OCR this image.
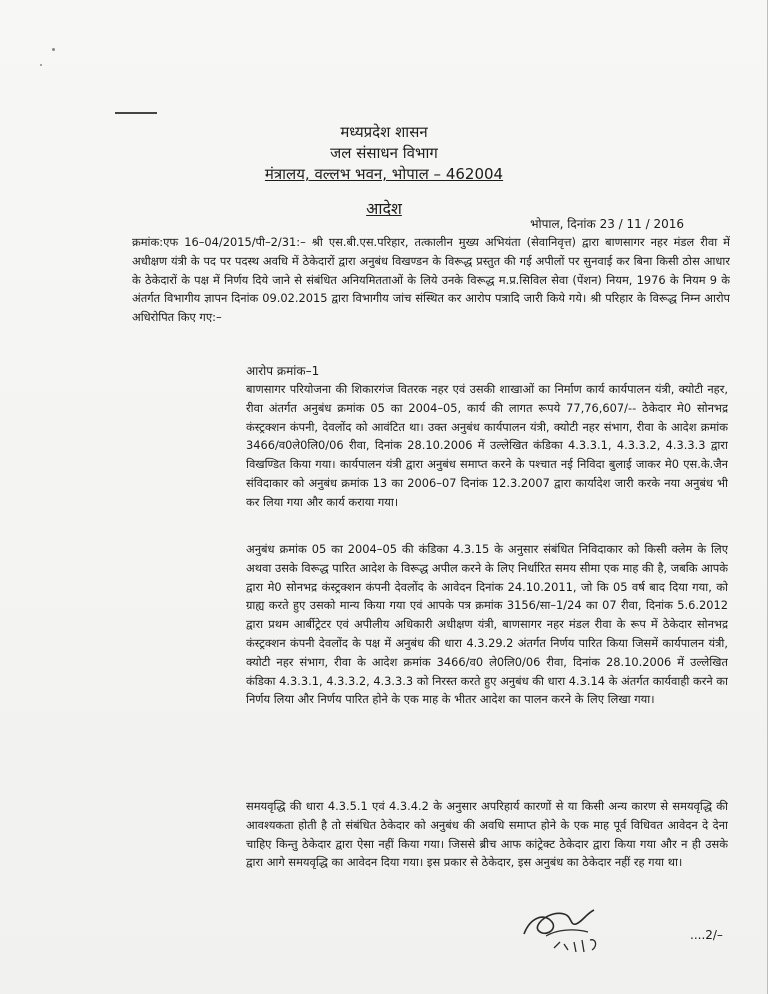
मध्यप्रदेश शासन
जल संसाधन विभाग
मंत्रालय, वल्लभ भवन, भोपाल – 462004
आदेश
भोपाल, दिनांक 23 / 11 / 2016
क्रमांक:एफ 16–04/2015/पी–2/31:– श्री एस.बी.एस.परिहार, तत्कालीन मुख्य अभियंता (सेवानिवृत्त) द्वारा बाणसागर नहर मंडल रीवा में अधीक्षण यंत्री के पद पर पदस्थ अवधि में ठेकेदारों द्वारा अनुबंध विखण्डन के विरूद्ध प्रस्तुत की गई अपीलों पर सुनवाई कर बिना किसी ठोस आधार के ठेकेदारों के पक्ष में निर्णय दिये जाने से संबंधित अनियमितताओं के लिये उनके विरूद्ध म.प्र.सिविल सेवा (पेंशन) नियम, 1976 के नियम 9 के अंतर्गत विभागीय ज्ञापन दिनांक 09.02.2015 द्वारा विभागीय जांच संस्थित कर आरोप पत्रादि जारी किये गये। श्री परिहार के विरूद्ध निम्न आरोप अधिरोपित किए गए:–
आरोप क्रमांक–1
बाणसागर परियोजना की शिकारगंज वितरक नहर एवं उसकी शाखाओं का निर्माण कार्य कार्यपालन यंत्री, क्योटी नहर, रीवा अंतर्गत अनुबंध क्रमांक 05 का 2004–05, कार्य की लागत रूपये 77,76,607/-- ठेकेदार मे0 सोनभद्र कंस्ट्रक्शन कंपनी, देवलोंद को आवंटित था। उक्त अनुबंध कार्यपालन यंत्री, क्योटी नहर संभाग, रीवा के आदेश क्रमांक 3466/व0ले0लि0/06 रीवा, दिनांक 28.10.2006 में उल्लेखित कंडिका 4.3.3.1, 4.3.3.2, 4.3.3.3 द्वारा विखण्डित किया गया। कार्यपालन यंत्री द्वारा अनुबंध समाप्त करने के पश्चात नई निविदा बुलाई जाकर मे0 एस.के.जैन संविदाकार को अनुबंध क्रमांक 13 का 2006–07 दिनांक 12.3.2007 द्वारा कार्यादेश जारी करके नया अनुबंध भी कर लिया गया और कार्य कराया गया।
अनुबंध क्रमांक 05 का 2004–05 की कंडिका 4.3.15 के अनुसार संबंधित निविदाकार को किसी क्लेम के लिए अथवा उसके विरूद्ध पारित आदेश के विरूद्ध अपील करने के लिए निर्धारित समय सीमा एक माह की है, जबकि आपके द्वारा मे0 सोनभद्र कंस्ट्रक्शन कंपनी देवलोंद के आवेदन दिनांक 24.10.2011, जो कि 05 वर्ष बाद दिया गया, को ग्राह्य करते हुए उसको मान्य किया गया एवं आपके पत्र क्रमांक 3156/सा–1/24 का 07 रीवा, दिनांक 5.6.2012 द्वारा प्रथम आर्बीट्रेटर एवं अपीलीय अधिकारी अधीक्षण यंत्री, बाणसागर नहर मंडल रीवा के रूप में ठेकेदार सोनभद्र कंस्ट्रक्शन कंपनी देवलोंद के पक्ष में अनुबंध की धारा 4.3.29.2 अंतर्गत निर्णय पारित किया जिसमें कार्यपालन यंत्री, क्योटी नहर संभाग, रीवा के आदेश क्रमांक 3466/व0 ले0लि0/06 रीवा, दिनांक 28.10.2006 में उल्लेखित कंडिका 4.3.3.1, 4.3.3.2, 4.3.3.3 को निरस्त करते हुए अनुबंध की धारा 4.3.14 के अंतर्गत कार्यवाही करने का निर्णय लिया और निर्णय पारित होने के एक माह के भीतर आदेश का पालन करने के लिए लिखा गया।
समयवृद्धि की धारा 4.3.5.1 एवं 4.3.4.2 के अनुसार अपरिहार्य कारणों से या किसी अन्य कारण से समयवृद्धि की आवश्यकता होती है तो संबंधित ठेकेदार को अनुबंध की अवधि समाप्त होने के एक माह पूर्व विधिवत आवेदन दे देना चाहिए किन्तु ठेकेदार द्वारा ऐसा नहीं किया गया। जिससे ब्रीच आफ कांट्रेक्ट ठेकेदार द्वारा किया गया और न ही उसके द्वारा आगे समयवृद्धि का आवेदन दिया गया। इस प्रकार से ठेकेदार, इस अनुबंध का ठेकेदार नहीं रह गया था।
....2/–
